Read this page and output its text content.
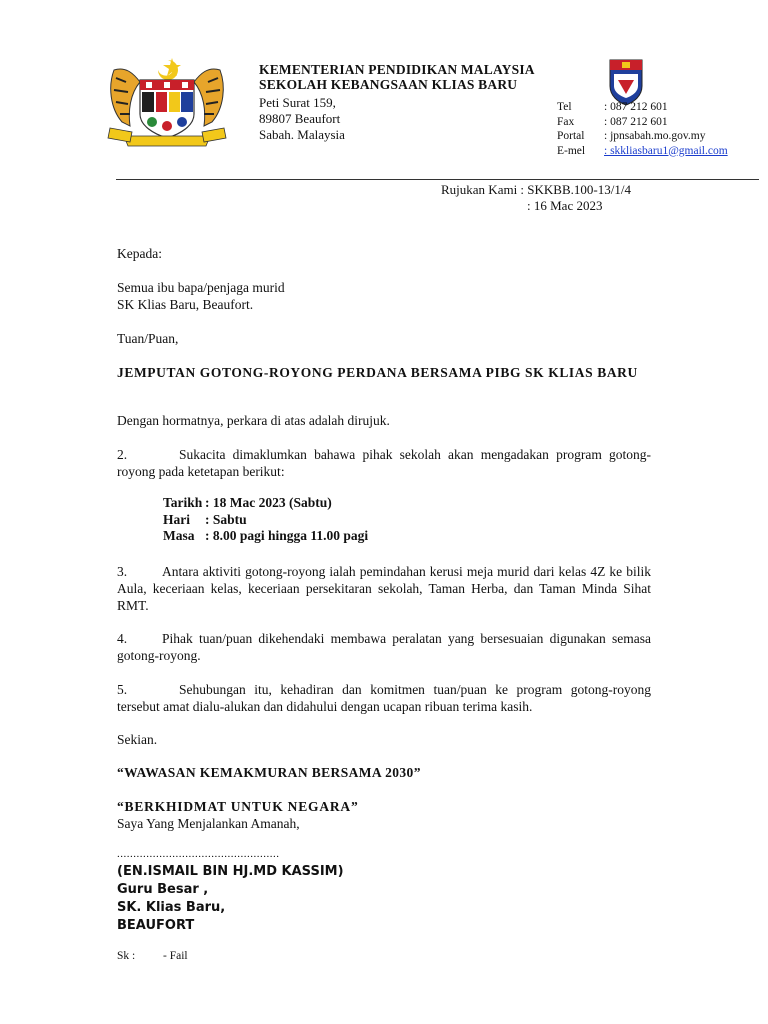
KEMENTERIAN PENDIDIKAN MALAYSIA
SEKOLAH KEBANGSAAN KLIAS BARU
Peti Surat 159,
89807 Beaufort
Sabah. Malaysia
Tel	: 087 212 601
Fax	: 087 212 601
Portal	: jpnsabah.mo.gov.my
E-mel	: skkliasbaru1@gmail.com
Rujukan Kami : SKKBB.100-13/1/4
: 16 Mac 2023
Kepada:
Semua ibu bapa/penjaga murid
SK Klias Baru, Beaufort.
Tuan/Puan,
JEMPUTAN GOTONG-ROYONG PERDANA BERSAMA PIBG SK KLIAS BARU
Dengan hormatnya, perkara di atas adalah dirujuk.
2.	Sukacita dimaklumkan bahawa pihak sekolah akan mengadakan program gotong-royong pada ketetapan berikut:
Tarikh : 18 Mac 2023 (Sabtu)
Hari	: Sabtu
Masa : 8.00 pagi hingga 11.00 pagi
3.	Antara aktiviti gotong-royong ialah pemindahan kerusi meja murid dari kelas 4Z ke bilik Aula, keceriaan kelas, keceriaan persekitaran sekolah, Taman Herba, dan Taman Minda Sihat RMT.
4.	Pihak tuan/puan dikehendaki membawa peralatan yang bersesuaian digunakan semasa gotong-royong.
5.	Sehubungan itu, kehadiran dan komitmen tuan/puan ke program gotong-royong tersebut amat dialu-alukan dan didahului dengan ucapan ribuan terima kasih.
Sekian.
“WAWASAN KEMAKMURAN BERSAMA 2030”
“BERKHIDMAT UNTUK NEGARA”
Saya Yang Menjalankan Amanah,
..................................................
(EN.ISMAIL BIN HJ.MD KASSIM)
Guru Besar ,
SK. Klias Baru,
BEAUFORT
Sk : - Fail
